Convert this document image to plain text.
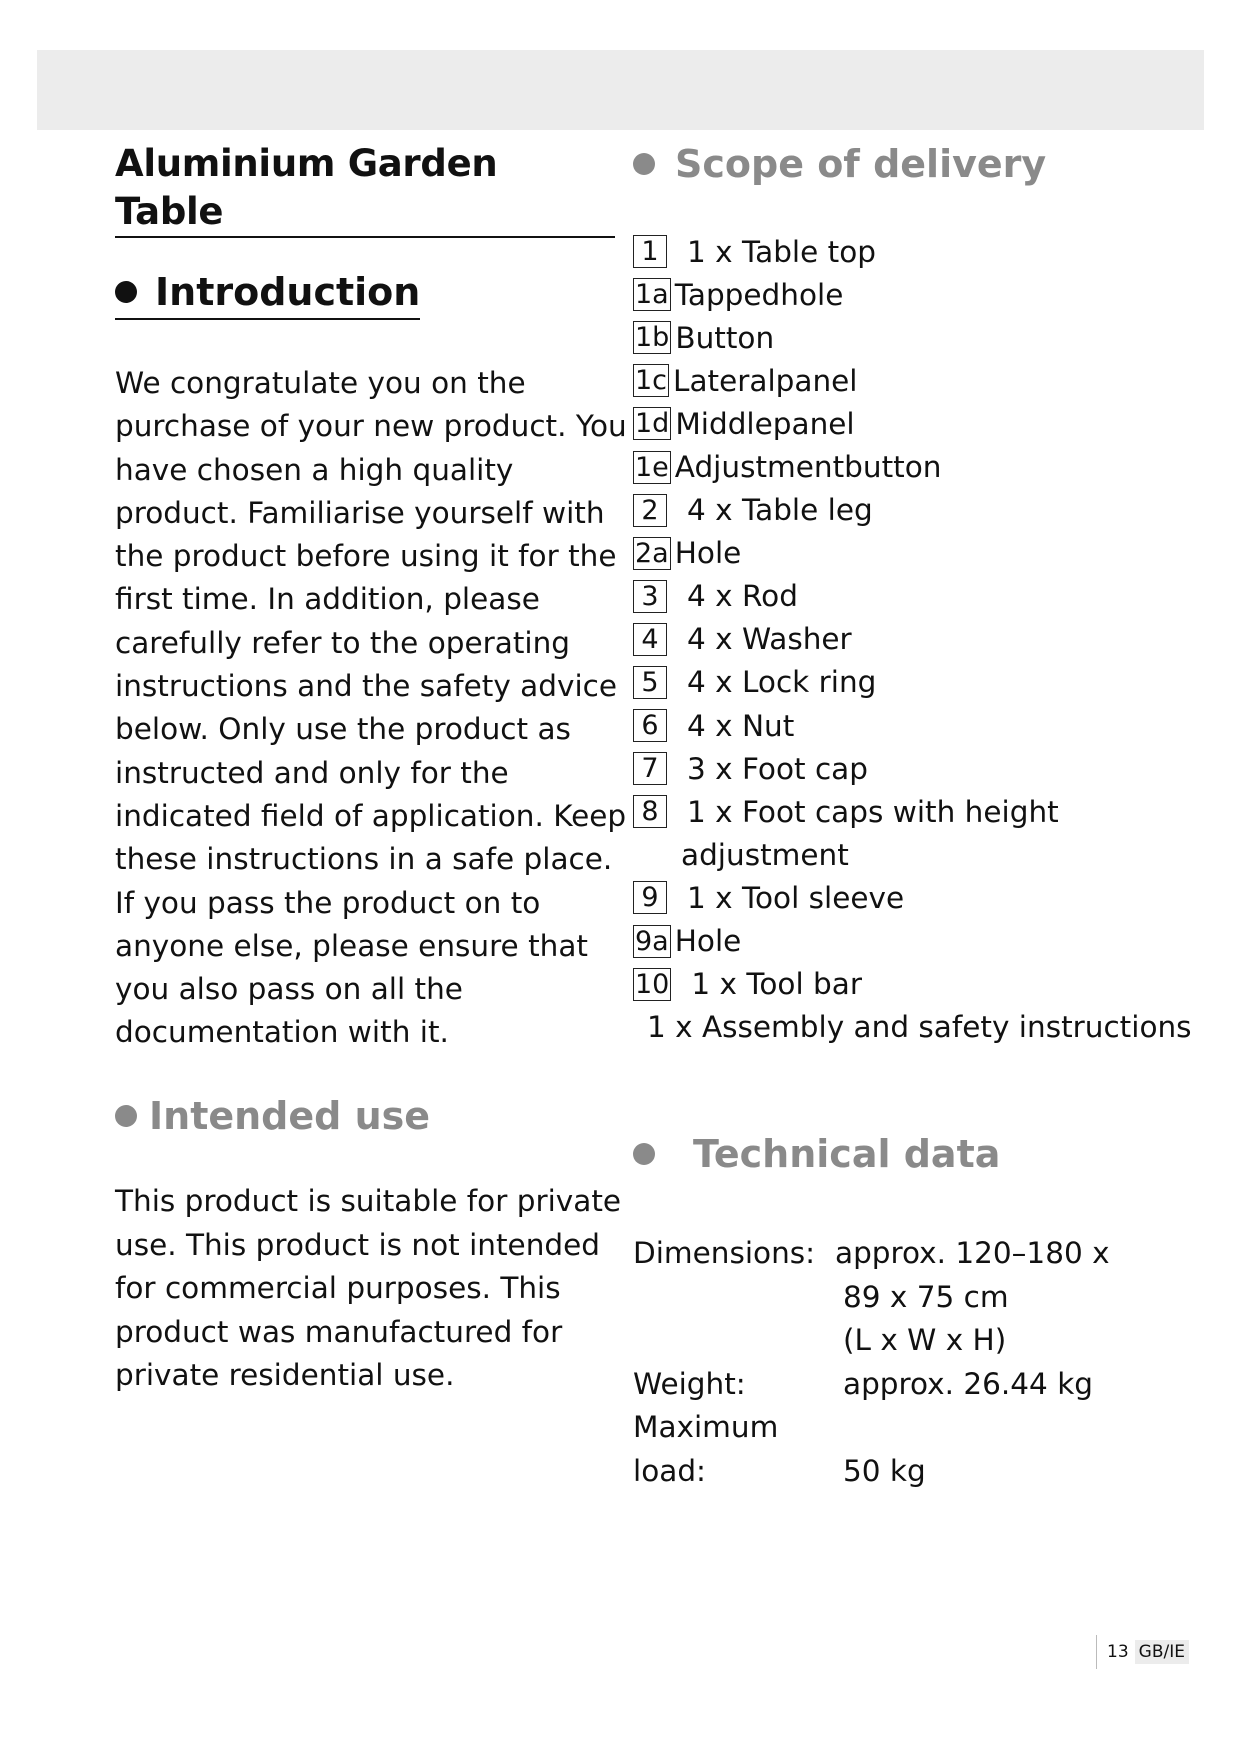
Aluminium Garden Table
Introduction

We congratulate you on the purchase of your new product. You have chosen a high quality product. Familiarise yourself with the product before using it for the first time. In addition, please carefully refer to the operating instructions and the safety advice below. Only use the product as instructed and only for the indicated field of application. Keep these instructions in a safe place. If you pass the product on to anyone else, please ensure that you also pass on all the documentation with it.

Intended use

This product is suitable for private use. This product is not intended for commercial purposes. This product was manufactured for private residential use.

Scope of delivery
1 1 x Table top
1a Tappedhole
1b Button
1c Lateralpanel
1d Middlepanel
1e Adjustmentbutton
2 4 x Table leg
2a Hole
3 4 x Rod
4 4 x Washer
5 4 x Lock ring
6 4 x Nut
7 3 x Foot cap
8 1 x Foot caps with height
adjustment
9 1 x Tool sleeve
9a Hole
10 1 x Tool bar
1 x Assembly and safety instructions
Technical data
Dimensions: approx. 120–180 x
89 x 75 cm
(L x W x H)
Weight:	approx. 26.44 kg
Maximum
load:	50 kg
13 GB/IE
